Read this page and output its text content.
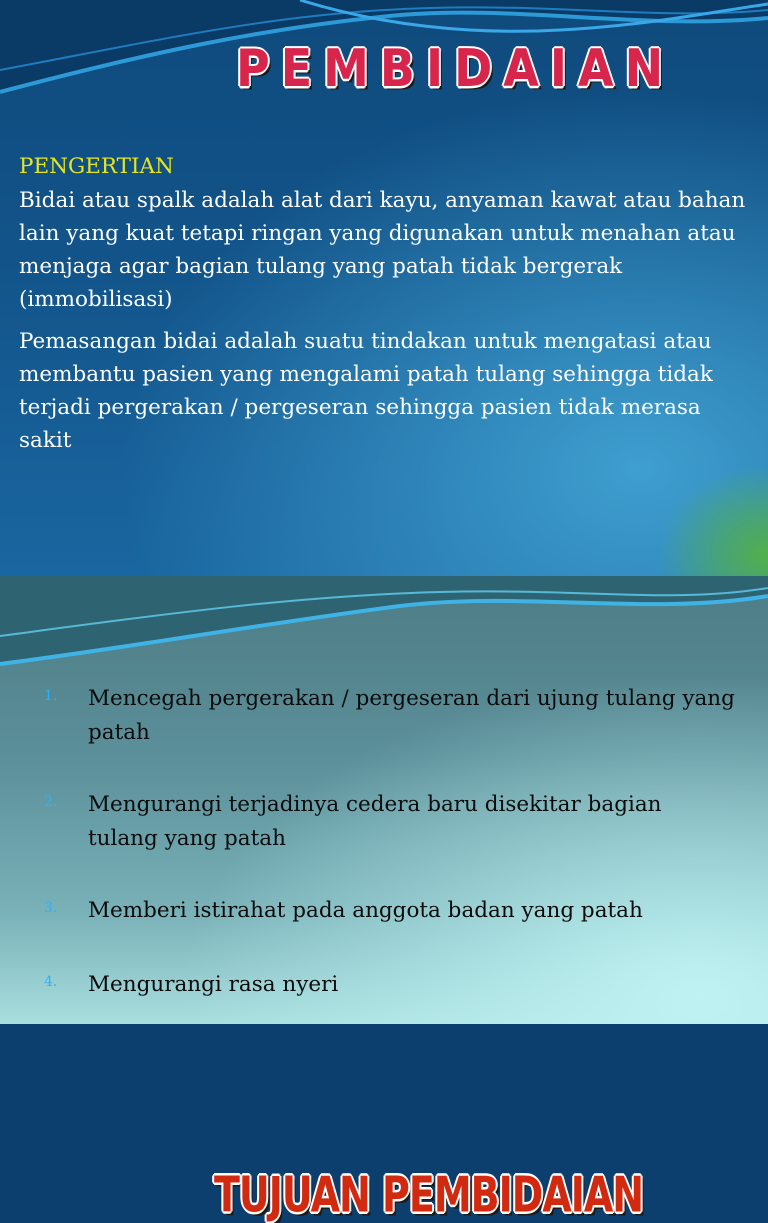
PEMBIDAIAN
PENGERTIAN
Bidai atau spalk adalah alat dari kayu, anyaman kawat atau bahan lain yang kuat tetapi ringan yang digunakan untuk menahan atau menjaga agar bagian tulang yang patah tidak bergerak (immobilisasi)
Pemasangan bidai adalah suatu tindakan untuk mengatasi atau membantu pasien yang mengalami patah tulang sehingga tidak terjadi pergerakan / pergeseran sehingga pasien tidak merasa sakit
TUJUAN PEMBIDAIAN
1. Mencegah pergerakan / pergeseran dari ujung tulang yang patah
2. Mengurangi terjadinya cedera baru disekitar bagian tulang yang patah
3. Memberi istirahat pada anggota badan yang patah
4. Mengurangi rasa nyeri
